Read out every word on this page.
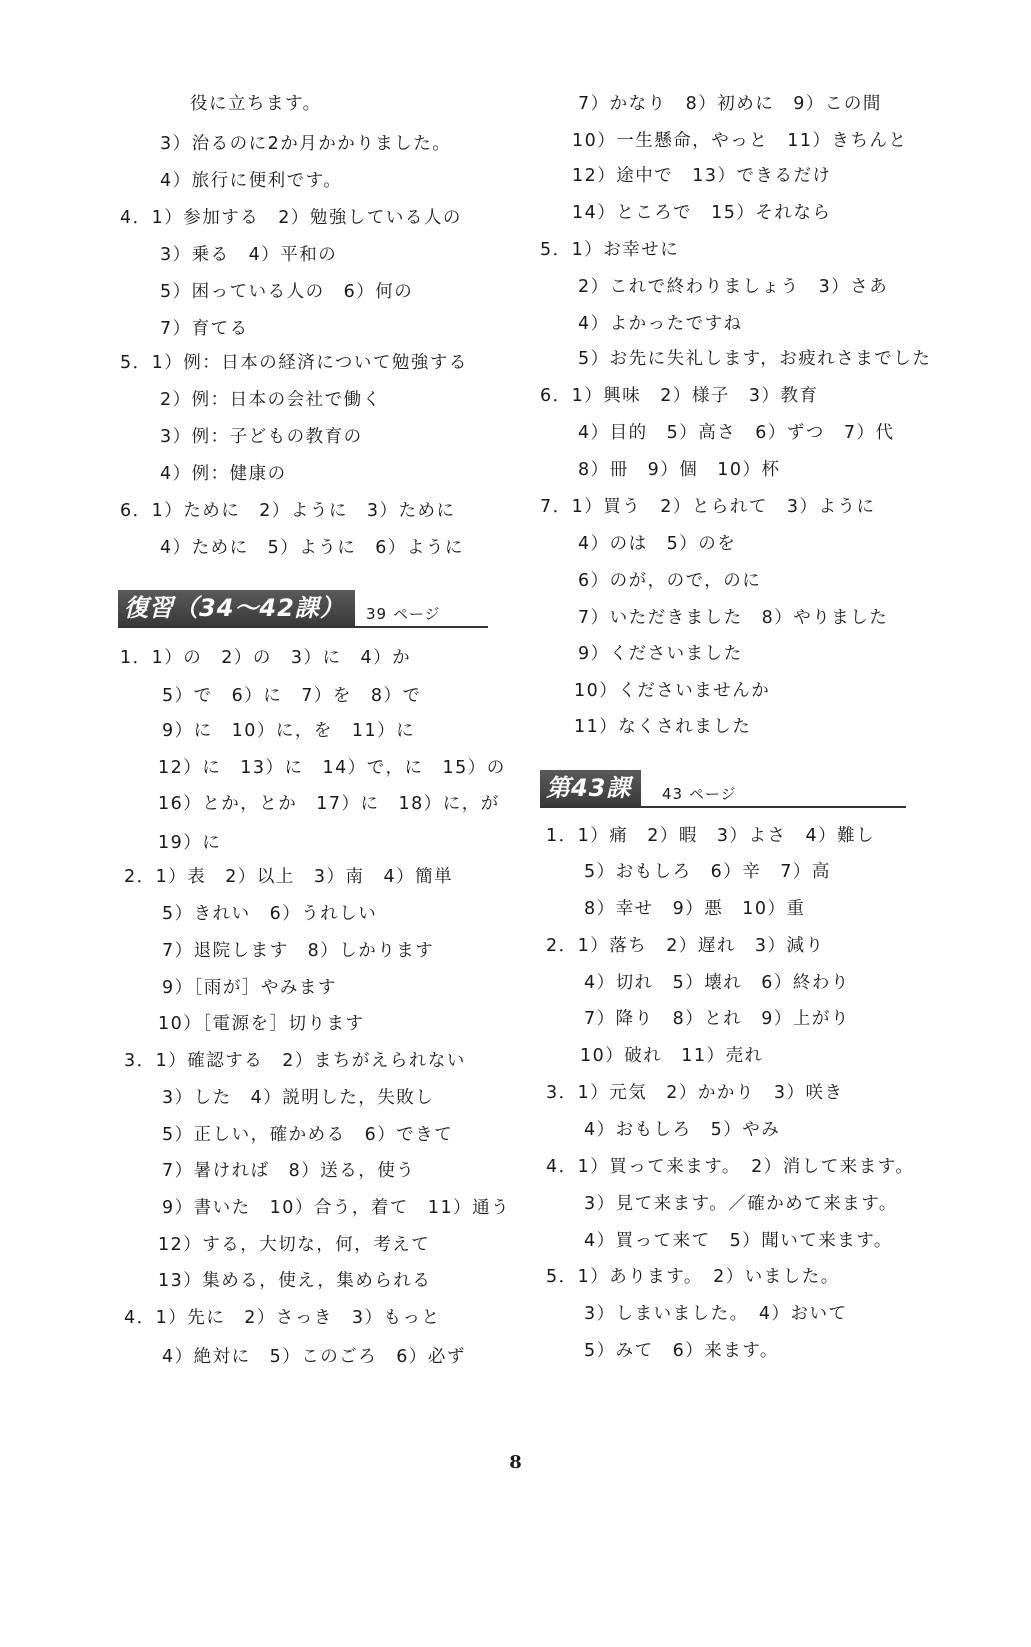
役に立ちます。
3）治るのに2か月かかりました。
4）旅行に便利です。
4．1）参加する　2）勉強している人の
3）乗る　4）平和の
5）困っている人の　6）何の
7）育てる
5．1）例：日本の経済について勉強する
2）例：日本の会社で働く
3）例：子どもの教育の
4）例：健康の
6．1）ために　2）ように　3）ために
4）ために　5）ように　6）ように
復習（34～42課）	39 ページ
1．1）の　2）の　3）に　4）か
5）で　6）に　7）を　8）で
9）に　10）に，を　11）に
12）に　13）に　14）で，に　15）の
16）とか，とか　17）に　18）に，が
19）に
2．1）表　2）以上　3）南　4）簡単
5）きれい　6）うれしい
7）退院します　8）しかります
9）［雨が］やみます
10）［電源を］切ります
3．1）確認する　2）まちがえられない
3）した　4）説明した，失敗し
5）正しい，確かめる　6）できて
7）暑ければ　8）送る，使う
9）書いた　10）合う，着て　11）通う
12）する，大切な，何，考えて
13）集める，使え，集められる
4．1）先に　2）さっき　3）もっと
4）絶対に　5）このごろ　6）必ず
7）かなり　8）初めに　9）この間
10）一生懸命，やっと　11）きちんと
12）途中で　13）できるだけ
14）ところで　15）それなら
5．1）お幸せに
2）これで終わりましょう　3）さあ
4）よかったですね
5）お先に失礼します，お疲れさまでした
6．1）興味　2）様子　3）教育
4）目的　5）高さ　6）ずつ　7）代
8）冊　9）個　10）杯
7．1）買う　2）とられて　3）ように
4）のは　5）のを
6）のが，ので，のに
7）いただきました　8）やりました
9）くださいました
10）くださいませんか
11）なくされました
第43課	43 ページ
1．1）痛　2）暇　3）よさ　4）難し
5）おもしろ　6）辛　7）高
8）幸せ　9）悪　10）重
2．1）落ち　2）遅れ　3）減り
4）切れ　5）壊れ　6）終わり
7）降り　8）とれ　9）上がり
10）破れ　11）売れ
3．1）元気　2）かかり　3）咲き
4）おもしろ　5）やみ
4．1）買って来ます。　2）消して来ます。
3）見て来ます。／確かめて来ます。
4）買って来て　5）聞いて来ます。
5．1）あります。　2）いました。
3）しまいました。　4）おいて
5）みて　6）来ます。
8
